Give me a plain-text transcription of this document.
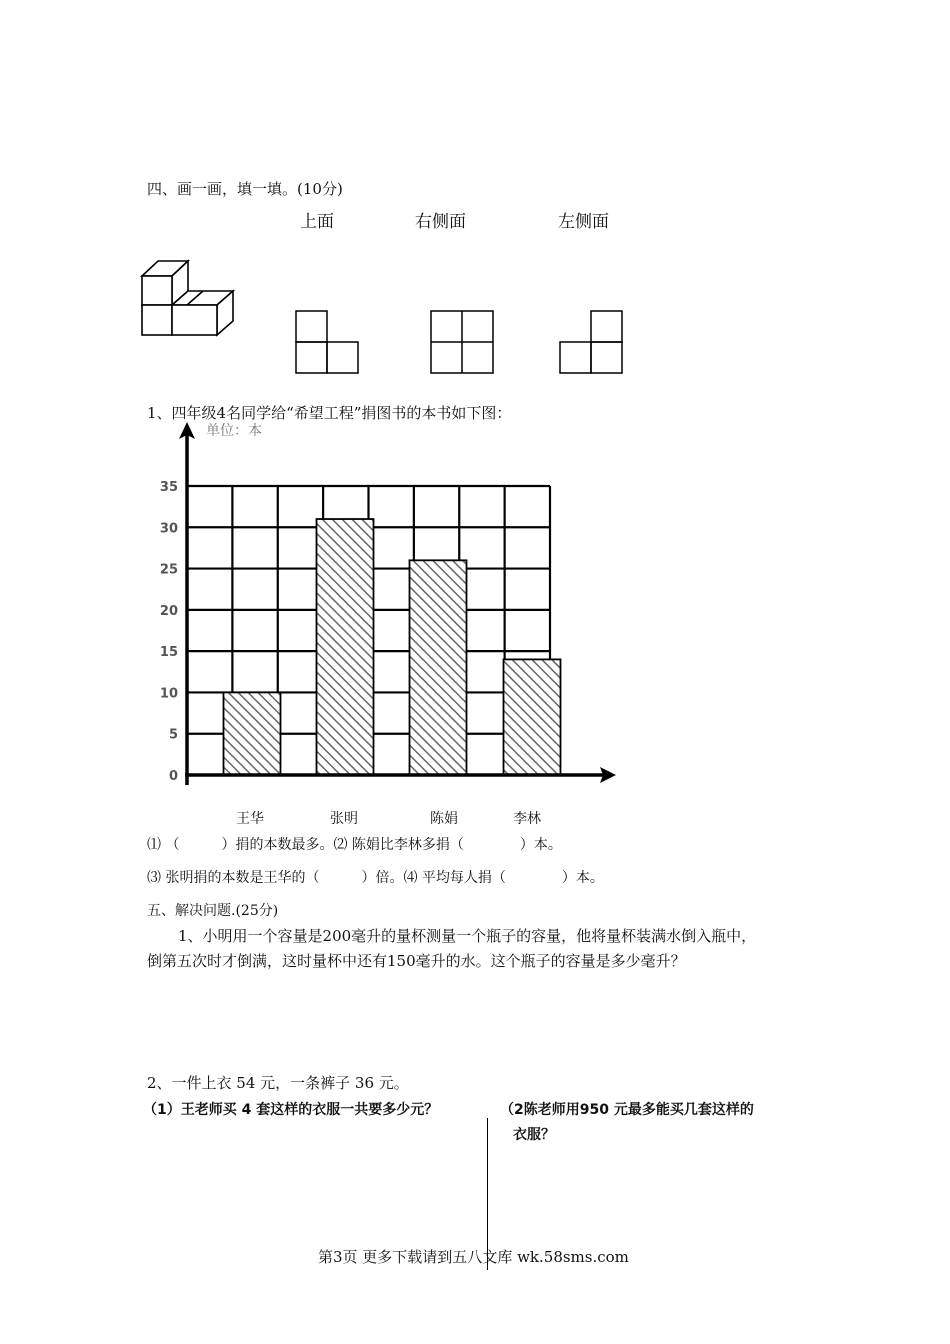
四、画一画，填一填。(10分)
上面	右侧面	左侧面
1、四年级4名同学给“希望工程”捐图书的本书如下图：
0
5
10
15
20
25
30
35
单位：本
王华	张明	陈娟	李林
⑴ （　　　）捐的本数最多。⑵ 陈娟比李林多捐（　　　　）本。
⑶ 张明捐的本数是王华的（　　　）倍。⑷ 平均每人捐（　　　　）本。
五、解决问题.(25分)
1、小明用一个容量是200毫升的量杯测量一个瓶子的容量，他将量杯装满水倒入瓶中，
倒第五次时才倒满，这时量杯中还有150毫升的水。这个瓶子的容量是多少毫升？
2、一件上衣 54 元，一条裤子 36 元。
（1）王老师买 4 套这样的衣服一共要多少元？	（2陈老师用950 元最多能买几套这样的
衣服？
第3页 更多下载请到五八文库 wk.58sms.com
